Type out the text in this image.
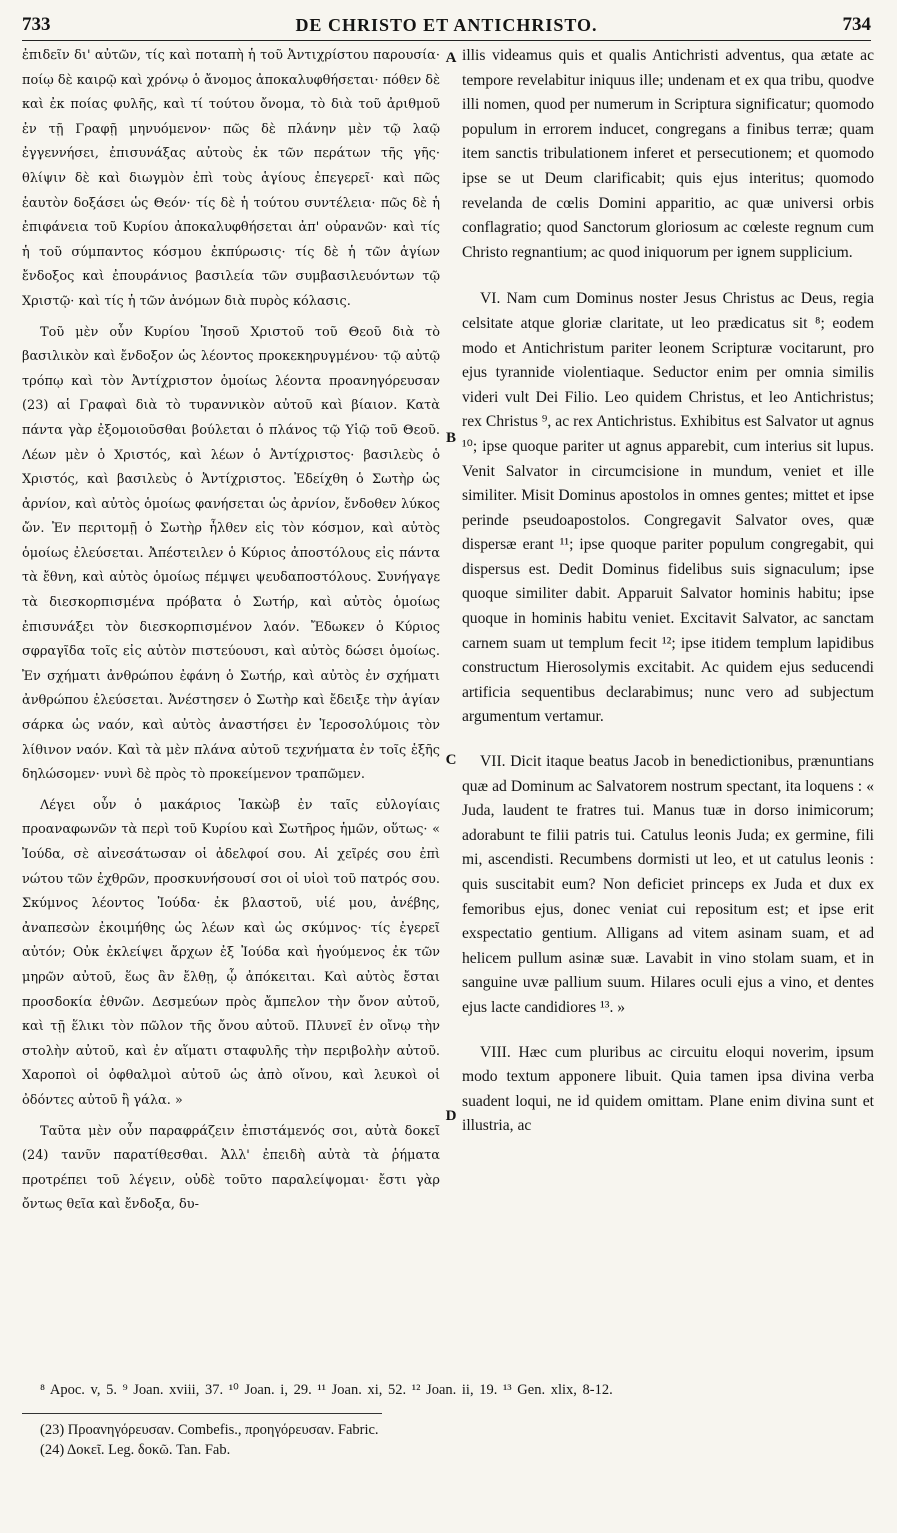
733	DE CHRISTO ET ANTICHRISTO.	734

ἐπιδεῖν δι' αὐτῶν, τίς καὶ ποταπὴ ἡ τοῦ Ἀντιχρίστου παρουσία· ποίῳ δὲ καιρῷ καὶ χρόνῳ ὁ ἄνομος ἀποκαλυφθήσεται· πόθεν δὲ καὶ ἐκ ποίας φυλῆς, καὶ τί τούτου ὄνομα, τὸ διὰ τοῦ ἀριθμοῦ ἐν τῇ Γραφῇ μηνυόμενον· πῶς δὲ πλάνην μὲν τῷ λαῷ ἐγγεννήσει, ἐπισυνάξας αὐτοὺς ἐκ τῶν περάτων τῆς γῆς· θλίψιν δὲ καὶ διωγμὸν ἐπὶ τοὺς ἁγίους ἐπεγερεῖ· καὶ πῶς ἑαυτὸν δοξάσει ὡς Θεόν· τίς δὲ ἡ τούτου συντέλεια· πῶς δὲ ἡ ἐπιφάνεια τοῦ Κυρίου ἀποκαλυφθήσεται ἀπ' οὐρανῶν· καὶ τίς ἡ τοῦ σύμπαντος κόσμου ἐκπύρωσις· τίς δὲ ἡ τῶν ἁγίων ἔνδοξος καὶ ἐπουράνιος βασιλεία τῶν συμβασιλευόντων τῷ Χριστῷ· καὶ τίς ἡ τῶν ἀνόμων διὰ πυρὸς κόλασις.

Τοῦ μὲν οὖν Κυρίου Ἰησοῦ Χριστοῦ τοῦ Θεοῦ διὰ τὸ βασιλικὸν καὶ ἔνδοξον ὡς λέοντος προκεκηρυγμένου· τῷ αὐτῷ τρόπῳ καὶ τὸν Ἀντίχριστον ὁμοίως λέοντα προανηγόρευσαν (23) αἱ Γραφαὶ διὰ τὸ τυραννικὸν αὐτοῦ καὶ βίαιον. Κατὰ πάντα γὰρ ἐξομοιοῦσθαι βούλεται ὁ πλάνος τῷ Υἱῷ τοῦ Θεοῦ. Λέων μὲν ὁ Χριστός, καὶ λέων ὁ Ἀντίχριστος· βασιλεὺς ὁ Χριστός, καὶ βασιλεὺς ὁ Ἀντίχριστος. Ἐδείχθη ὁ Σωτὴρ ὡς ἀρνίον, καὶ αὐτὸς ὁμοίως φανήσεται ὡς ἀρνίον, ἔνδοθεν λύκος ὤν. Ἐν περιτομῇ ὁ Σωτὴρ ἦλθεν εἰς τὸν κόσμον, καὶ αὐτὸς ὁμοίως ἐλεύσεται. Ἀπέστειλεν ὁ Κύριος ἀποστόλους εἰς πάντα τὰ ἔθνη, καὶ αὐτὸς ὁμοίως πέμψει ψευδαποστόλους. Συνήγαγε τὰ διεσκορπισμένα πρόβατα ὁ Σωτήρ, καὶ αὐτὸς ὁμοίως ἐπισυνάξει τὸν διεσκορπισμένον λαόν. Ἔδωκεν ὁ Κύριος σφραγῖδα τοῖς εἰς αὐτὸν πιστεύουσι, καὶ αὐτὸς δώσει ὁμοίως. Ἐν σχήματι ἀνθρώπου ἐφάνη ὁ Σωτήρ, καὶ αὐτὸς ἐν σχήματι ἀνθρώπου ἐλεύσεται. Ἀνέστησεν ὁ Σωτὴρ καὶ ἔδειξε τὴν ἁγίαν σάρκα ὡς ναόν, καὶ αὐτὸς ἀναστήσει ἐν Ἱεροσολύμοις τὸν λίθινον ναόν. Καὶ τὰ μὲν πλάνα αὐτοῦ τεχνήματα ἐν τοῖς ἑξῆς δηλώσομεν· νυνὶ δὲ πρὸς τὸ προκείμενον τραπῶμεν.

Λέγει οὖν ὁ μακάριος Ἰακὼβ ἐν ταῖς εὐλογίαις προαναφωνῶν τὰ περὶ τοῦ Κυρίου καὶ Σωτῆρος ἡμῶν, οὕτως· « Ἰούδα, σὲ αἰνεσάτωσαν οἱ ἀδελφοί σου. Αἱ χεῖρές σου ἐπὶ νώτου τῶν ἐχθρῶν, προσκυνήσουσί σοι οἱ υἱοὶ τοῦ πατρός σου. Σκύμνος λέοντος Ἰούδα· ἐκ βλαστοῦ, υἱέ μου, ἀνέβης, ἀναπεσὼν ἐκοιμήθης ὡς λέων καὶ ὡς σκύμνος· τίς ἐγερεῖ αὐτόν; Οὐκ ἐκλείψει ἄρχων ἐξ Ἰούδα καὶ ἡγούμενος ἐκ τῶν μηρῶν αὐτοῦ, ἕως ἂν ἔλθῃ, ᾧ ἀπόκειται. Καὶ αὐτὸς ἔσται προσδοκία ἐθνῶν. Δεσμεύων πρὸς ἄμπελον τὴν ὄνον αὐτοῦ, καὶ τῇ ἕλικι τὸν πῶλον τῆς ὄνου αὐτοῦ. Πλυνεῖ ἐν οἴνῳ τὴν στολὴν αὐτοῦ, καὶ ἐν αἵματι σταφυλῆς τὴν περιβολὴν αὐτοῦ. Χαροποὶ οἱ ὀφθαλμοὶ αὐτοῦ ὡς ἀπὸ οἴνου, καὶ λευκοὶ οἱ ὀδόντες αὐτοῦ ἢ γάλα. »

Ταῦτα μὲν οὖν παραφράζειν ἐπιστάμενός σοι, αὐτὰ δοκεῖ (24) τανῦν παρατίθεσθαι. Ἀλλ' ἐπειδὴ αὐτὰ τὰ ῥήματα προτρέπει τοῦ λέγειν, οὐδὲ τοῦτο παραλείψομαι· ἔστι γὰρ ὄντως θεῖα καὶ ἔνδοξα, δυ-

A
B
C
D

illis videamus quis et qualis Antichristi adventus, qua ætate ac tempore revelabitur iniquus ille; undenam et ex qua tribu, quodve illi nomen, quod per numerum in Scriptura significatur; quomodo populum in errorem inducet, congregans a finibus terræ; quam item sanctis tribulationem inferet et persecutionem; et quomodo ipse se ut Deum clarificabit; quis ejus interitus; quomodo revelanda de cœlis Domini apparitio, ac quæ universi orbis conflagratio; quod Sanctorum gloriosum ac cœleste regnum cum Christo regnantium; ac quod iniquorum per ignem supplicium.

VI. Nam cum Dominus noster Jesus Christus ac Deus, regia celsitate atque gloriæ claritate, ut leo prædicatus sit ⁸; eodem modo et Antichristum pariter leonem Scripturæ vocitarunt, pro ejus tyrannide violentiaque. Seductor enim per omnia similis videri vult Dei Filio. Leo quidem Christus, et leo Antichristus; rex Christus ⁹, ac rex Antichristus. Exhibitus est Salvator ut agnus ¹⁰; ipse quoque pariter ut agnus apparebit, cum interius sit lupus. Venit Salvator in circumcisione in mundum, veniet et ille similiter. Misit Dominus apostolos in omnes gentes; mittet et ipse perinde pseudoapostolos. Congregavit Salvator oves, quæ dispersæ erant ¹¹; ipse quoque pariter populum congregabit, qui dispersus est. Dedit Dominus fidelibus suis signaculum; ipse quoque similiter dabit. Apparuit Salvator hominis habitu; ipse quoque in hominis habitu veniet. Excitavit Salvator, ac sanctam carnem suam ut templum fecit ¹²; ipse itidem templum lapidibus constructum Hierosolymis excitabit. Ac quidem ejus seducendi artificia sequentibus declarabimus; nunc vero ad subjectum argumentum vertamur.

VII. Dicit itaque beatus Jacob in benedictionibus, prænuntians quæ ad Dominum ac Salvatorem nostrum spectant, ita loquens : « Juda, laudent te fratres tui. Manus tuæ in dorso inimicorum; adorabunt te filii patris tui. Catulus leonis Juda; ex germine, fili mi, ascendisti. Recumbens dormisti ut leo, et ut catulus leonis : quis suscitabit eum? Non deficiet princeps ex Juda et dux ex femoribus ejus, donec veniat cui repositum est; et ipse erit exspectatio gentium. Alligans ad vitem asinam suam, et ad helicem pullum asinæ suæ. Lavabit in vino stolam suam, et in sanguine uvæ pallium suum. Hilares oculi ejus a vino, et dentes ejus lacte candidiores ¹³. »

VIII. Hæc cum pluribus ac circuitu eloqui noverim, ipsum modo textum apponere libuit. Quia tamen ipsa divina verba suadent loqui, ne id quidem omittam. Plane enim divina sunt et illustria, ac

⁸ Apoc. v, 5. ⁹ Joan. xviii, 37. ¹⁰ Joan. i, 29. ¹¹ Joan. xi, 52. ¹² Joan. ii, 19. ¹³ Gen. xlix, 8-12.

(23) Προανηγόρευσαν. Combefis., προηγόρευσαν. Fabric.

(24) Δοκεῖ. Leg. δοκῶ. Tan. Fab.
